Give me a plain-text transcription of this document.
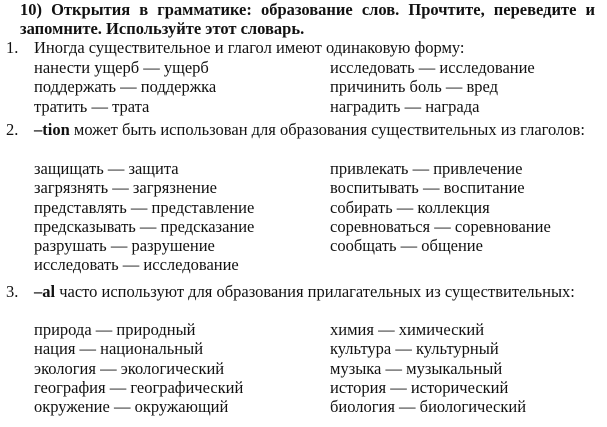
10) Открытия в грамматике: образование слов. Прочтите, переведите и запомните. Используйте этот словарь.

1. Иногда существительное и глагол имеют одинаковую форму:
нанести ущерб — ущерб	исследовать — исследование
поддержать — поддержка	причинить боль — вред
тратить — трата	наградить — награда
2. –tion может быть использован для образования существительных из глаголов:
защищать — защита	привлекать — привлечение
загрязнять — загрязнение	воспитывать — воспитание
представлять — представление	собирать — коллекция
предсказывать — предсказание	соревноваться — соревнование
разрушать — разрушение	сообщать — общение
исследовать — исследование
3. –al часто используют для образования прилагательных из существительных:
природа — природный	химия — химический
нация — национальный	культура — культурный
экология — экологический	музыка — музыкальный
география — географический	история — исторический
окружение — окружающий	биология — биологический
